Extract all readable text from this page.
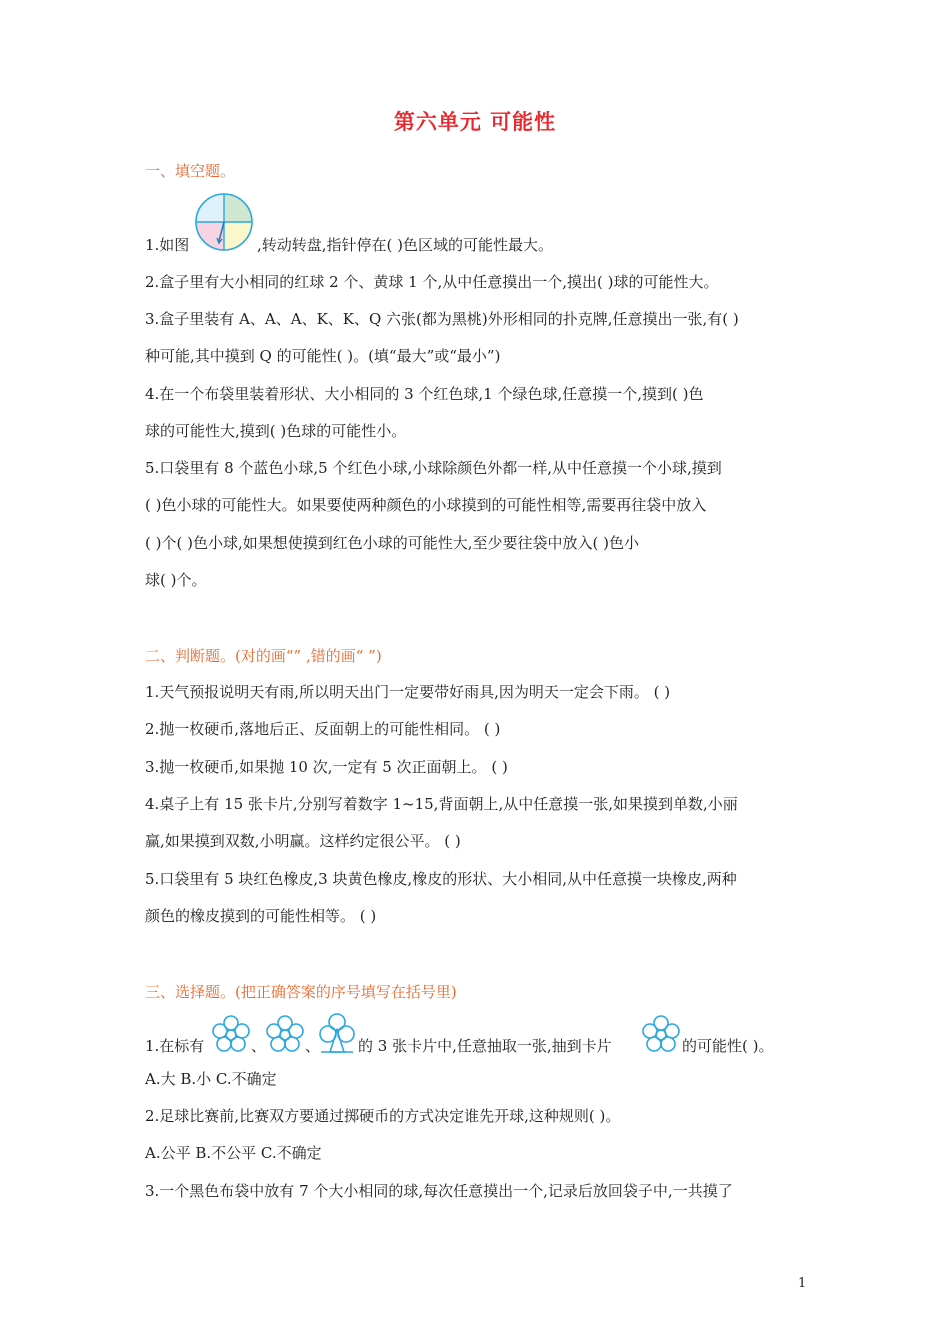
第六单元 可能性
一、填空题。
1.如图	,转动转盘,指针停在( )色区域的可能性最大。
2.盒子里有大小相同的红球 2 个、黄球 1 个,从中任意摸出一个,摸出( )球的可能性大。
3.盒子里装有 A、A、A、K、K、Q 六张(都为黑桃)外形相同的扑克牌,任意摸出一张,有( )
种可能,其中摸到 Q 的可能性( )。(填“最大”或“最小”)
4.在一个布袋里装着形状、大小相同的 3 个红色球,1 个绿色球,任意摸一个,摸到( )色
球的可能性大,摸到( )色球的可能性小。
5.口袋里有 8 个蓝色小球,5 个红色小球,小球除颜色外都一样,从中任意摸一个小球,摸到
( )色小球的可能性大。如果要使两种颜色的小球摸到的可能性相等,需要再往袋中放入
( )个( )色小球,如果想使摸到红色小球的可能性大,至少要往袋中放入( )色小
球( )个。
二、判断题。(对的画“” ,错的画“ ”)
1.天气预报说明天有雨,所以明天出门一定要带好雨具,因为明天一定会下雨。 ( )
2.抛一枚硬币,落地后正、反面朝上的可能性相同。 ( )
3.抛一枚硬币,如果抛 10 次,一定有 5 次正面朝上。 ( )
4.桌子上有 15 张卡片,分别写着数字 1~15,背面朝上,从中任意摸一张,如果摸到单数,小丽
赢,如果摸到双数,小明赢。这样约定很公平。 ( )
5.口袋里有 5 块红色橡皮,3 块黄色橡皮,橡皮的形状、大小相同,从中任意摸一块橡皮,两种
颜色的橡皮摸到的可能性相等。 ( )
三、选择题。(把正确答案的序号填写在括号里)
1.在标有	、	、	的 3 张卡片中,任意抽取一张,抽到卡片	的可能性( )。
A.大 B.小 C.不确定
2.足球比赛前,比赛双方要通过掷硬币的方式决定谁先开球,这种规则( )。
A.公平 B.不公平 C.不确定
3.一个黑色布袋中放有 7 个大小相同的球,每次任意摸出一个,记录后放回袋子中,一共摸了
1
